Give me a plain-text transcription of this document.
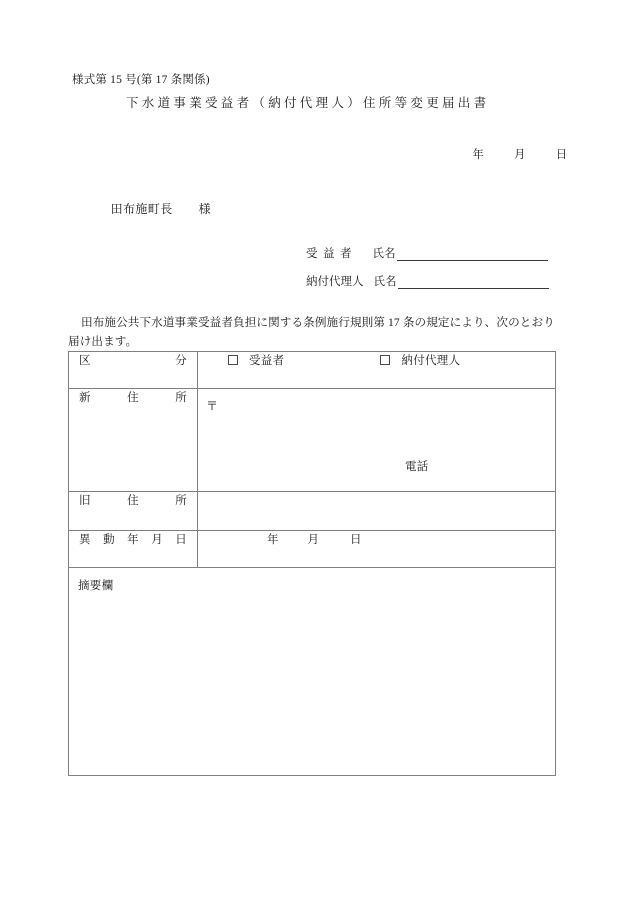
様式第 15 号(第 17 条関係)
下水道事業受益者（納付代理人）住所等変更届出書

年	月	日

田布施町長 様

受益者	氏名
納付代理人 氏名
田布施公共下水道事業受益者負担に関する条例施行規則第 17 条の規定により、次のとおり届け出ます。
区分	受益者 納付代理人

新住所	〒
電話

旧住所	

異動年月日	年 月 日

摘要欄	
